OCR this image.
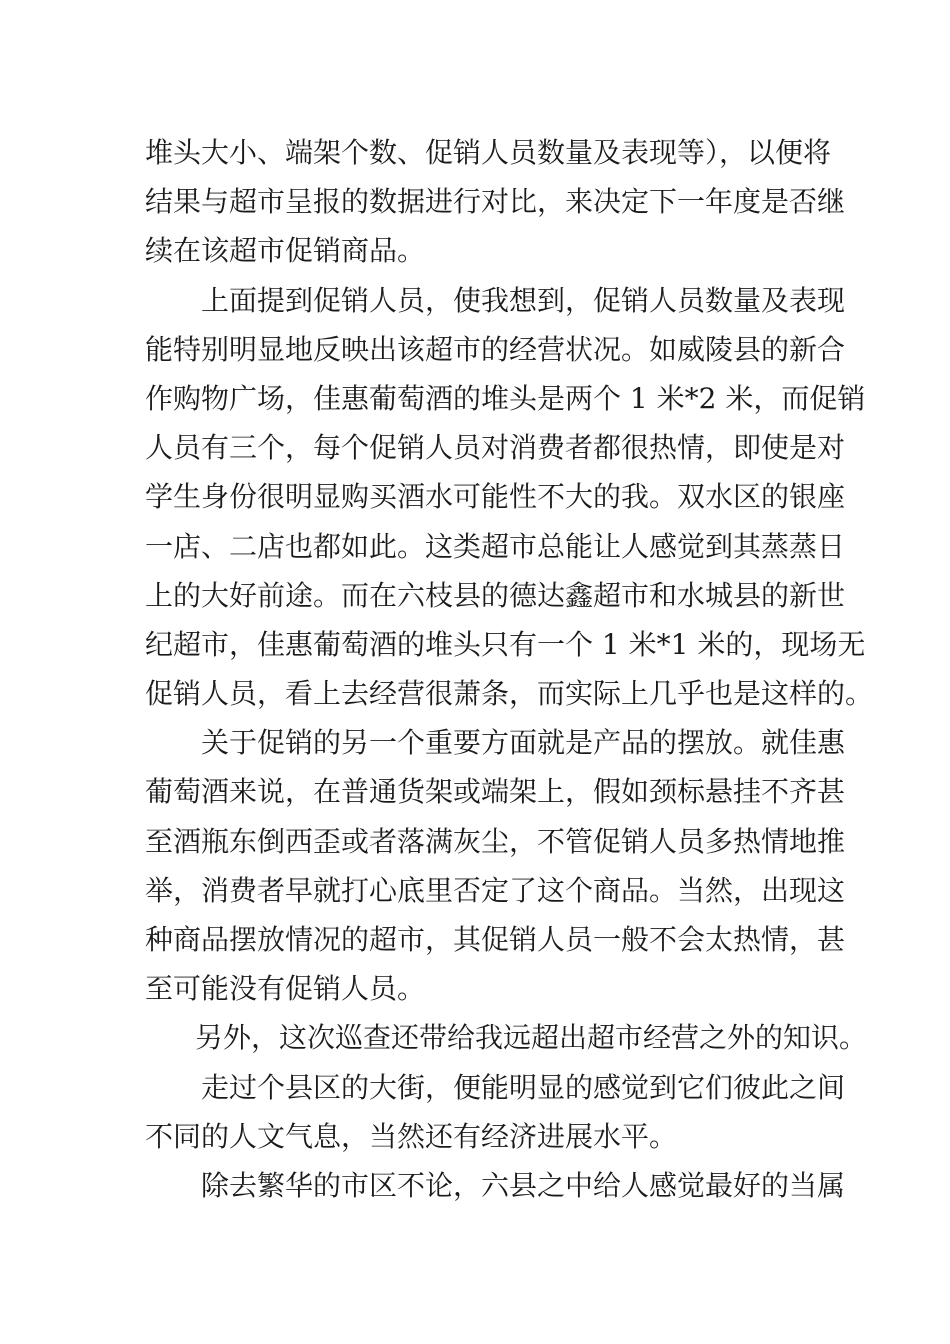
堆头大小、端架个数、促销人员数量及表现等），以便将
结果与超市呈报的数据进行对比，来决定下一年度是否继
续在该超市促销商品。
上面提到促销人员，使我想到，促销人员数量及表现
能特别明显地反映出该超市的经营状况。如威陵县的新合
作购物广场，佳惠葡萄酒的堆头是两个 1 米*2 米，而促销
人员有三个，每个促销人员对消费者都很热情，即使是对
学生身份很明显购买酒水可能性不大的我。双水区的银座
一店、二店也都如此。这类超市总能让人感觉到其蒸蒸日
上的大好前途。而在六枝县的德达鑫超市和水城县的新世
纪超市，佳惠葡萄酒的堆头只有一个 1 米*1 米的，现场无
促销人员，看上去经营很萧条，而实际上几乎也是这样的。
关于促销的另一个重要方面就是产品的摆放。就佳惠
葡萄酒来说，在普通货架或端架上，假如颈标悬挂不齐甚
至酒瓶东倒西歪或者落满灰尘，不管促销人员多热情地推
举，消费者早就打心底里否定了这个商品。当然，出现这
种商品摆放情况的超市，其促销人员一般不会太热情，甚
至可能没有促销人员。
另外，这次巡查还带给我远超出超市经营之外的知识。
走过个县区的大街，便能明显的感觉到它们彼此之间
不同的人文气息，当然还有经济进展水平。
除去繁华的市区不论，六县之中给人感觉最好的当属
